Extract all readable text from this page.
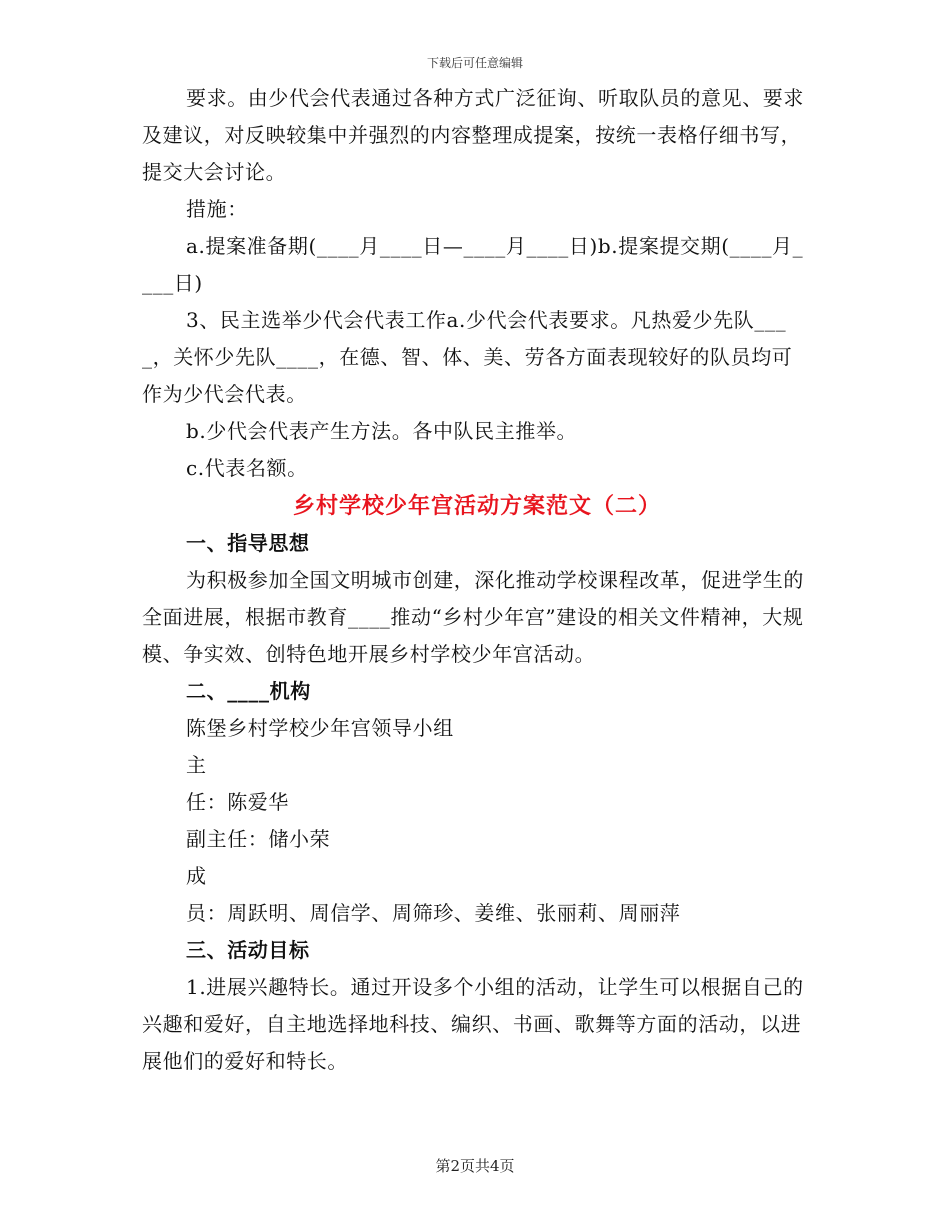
下载后可任意编辑

要求。由少代会代表通过各种方式广泛征询、听取队员的意见、要求及建议，对反映较集中并强烈的内容整理成提案，按统一表格仔细书写，提交大会讨论。

措施：

a.提案准备期(____月____日—____月____日)b.提案提交期(____月____日)

3、民主选举少代会代表工作a.少代会代表要求。凡热爱少先队____，关怀少先队____，在德、智、体、美、劳各方面表现较好的队员均可作为少代会代表。

b.少代会代表产生方法。各中队民主推举。

c.代表名额。

乡村学校少年宫活动方案范文（二）

一、指导思想

为积极参加全国文明城市创建，深化推动学校课程改革，促进学生的全面进展，根据市教育____推动“乡村少年宫”建设的相关文件精神，大规模、争实效、创特色地开展乡村学校少年宫活动。

二、____机构

陈堡乡村学校少年宫领导小组

主

任：陈爱华

副主任：储小荣

成

员：周跃明、周信学、周筛珍、姜维、张丽莉、周丽萍

三、活动目标

1.进展兴趣特长。通过开设多个小组的活动，让学生可以根据自己的兴趣和爱好，自主地选择地科技、编织、书画、歌舞等方面的活动，以进展他们的爱好和特长。

第2页共4页
